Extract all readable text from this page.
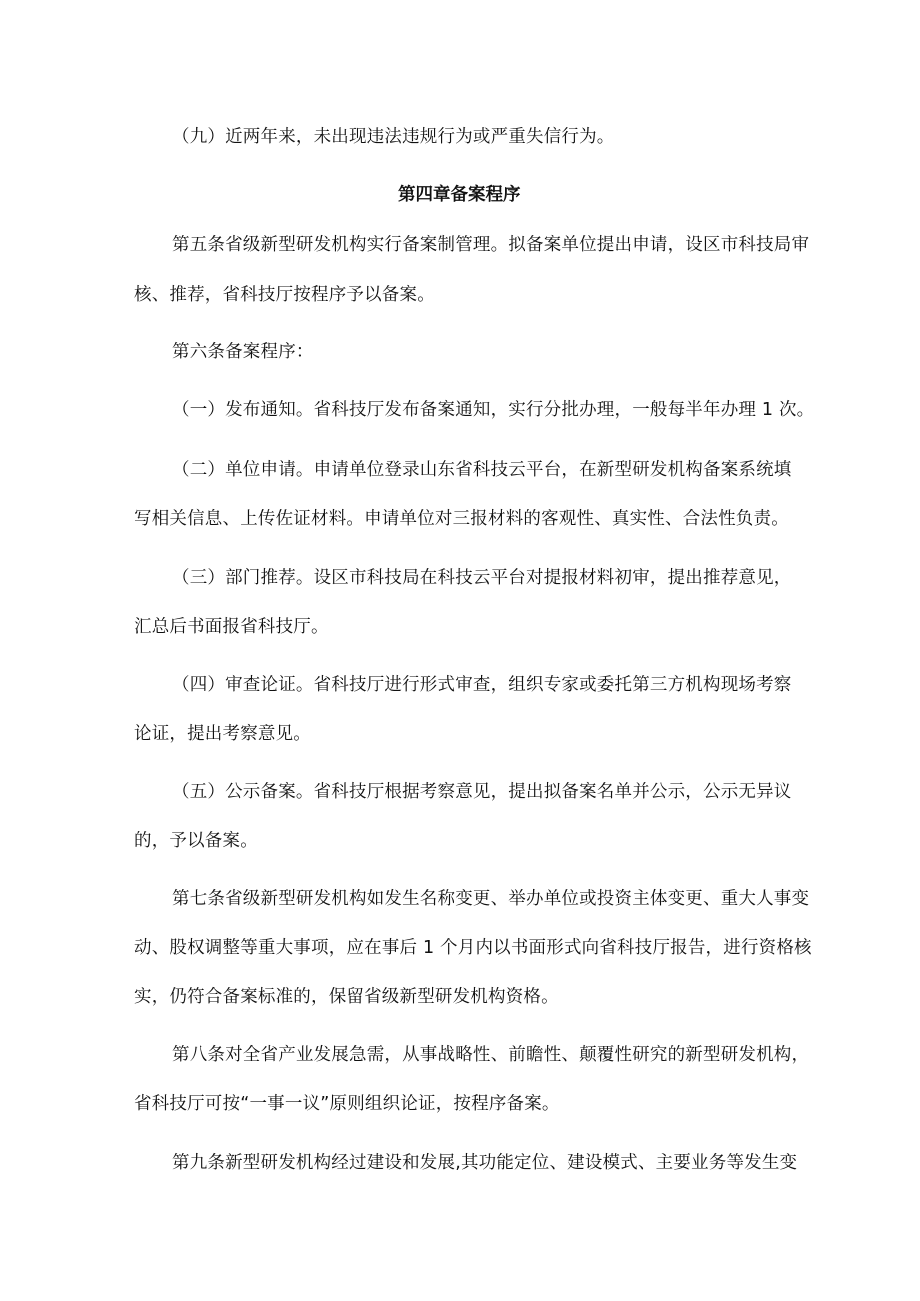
（九）近两年来，未出现违法违规行为或严重失信行为。
第四章备案程序
第五条省级新型研发机构实行备案制管理。拟备案单位提出申请，设区市科技局审
核、推荐，省科技厅按程序予以备案。
第六条备案程序：
（一）发布通知。省科技厅发布备案通知，实行分批办理，一般每半年办理 1 次。
（二）单位申请。申请单位登录山东省科技云平台，在新型研发机构备案系统填
写相关信息、上传佐证材料。申请单位对三报材料的客观性、真实性、合法性负责。
（三）部门推荐。设区市科技局在科技云平台对提报材料初审，提出推荐意见，
汇总后书面报省科技厅。
（四）审查论证。省科技厅进行形式审查，组织专家或委托第三方机构现场考察
论证，提出考察意见。
（五）公示备案。省科技厅根据考察意见，提出拟备案名单并公示，公示无异议
的，予以备案。
第七条省级新型研发机构如发生名称变更、举办单位或投资主体变更、重大人事变
动、股权调整等重大事项，应在事后 1 个月内以书面形式向省科技厅报告，进行资格核
实，仍符合备案标准的，保留省级新型研发机构资格。
第八条对全省产业发展急需，从事战略性、前瞻性、颠覆性研究的新型研发机构，
省科技厅可按“一事一议”原则组织论证，按程序备案。
第九条新型研发机构经过建设和发展,其功能定位、建设模式、主要业务等发生变
